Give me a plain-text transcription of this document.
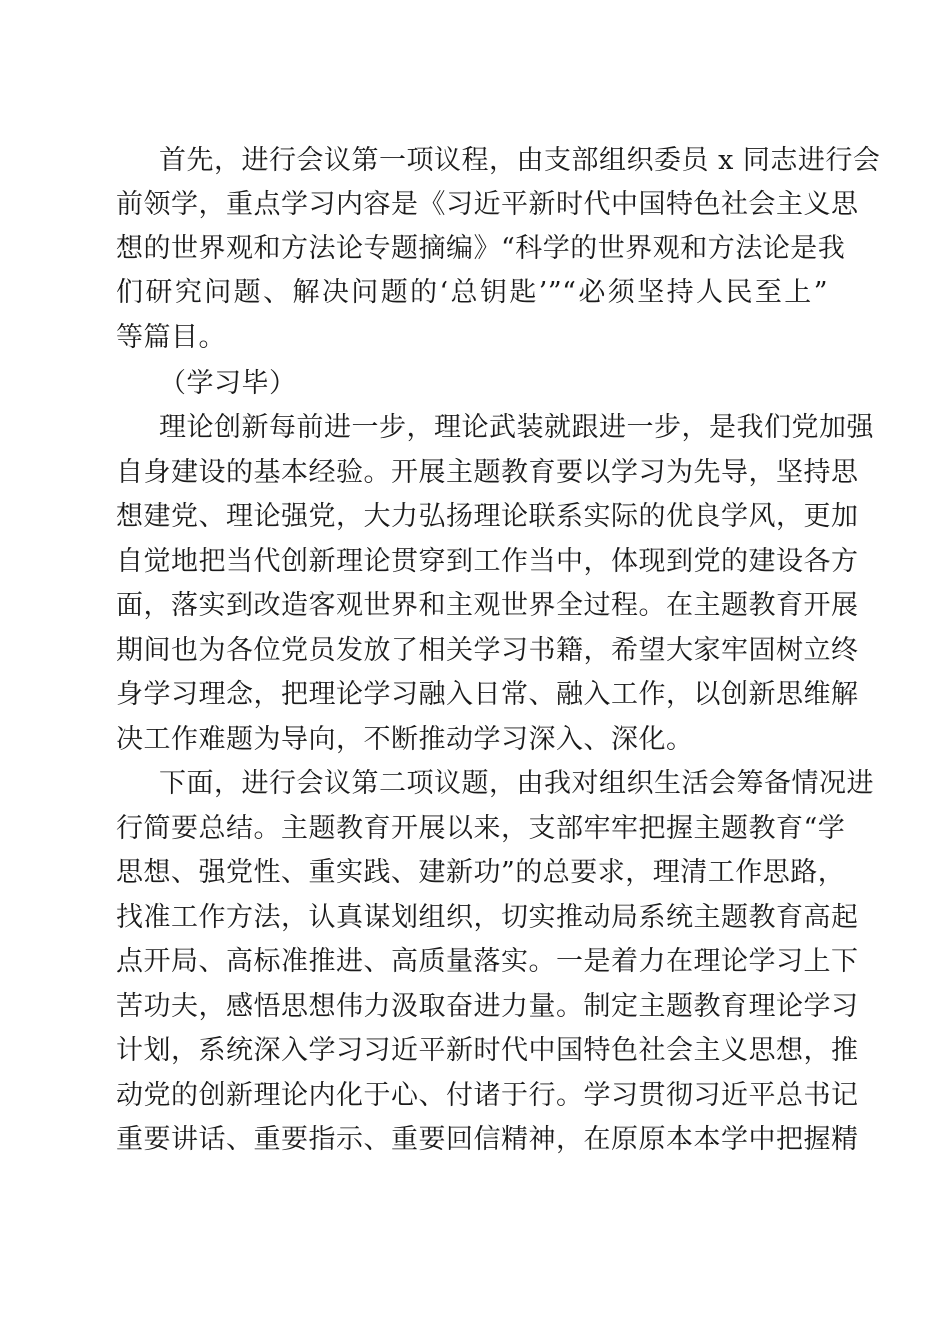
首先，进行会议第一项议程，由支部组织委员 x 同志进行会
前领学，重点学习内容是《习近平新时代中国特色社会主义思
想的世界观和方法论专题摘编》“科学的世界观和方法论是我
们研究问题、解决问题的‘总钥匙’”“必须坚持人民至上”
等篇目。
（学习毕）
理论创新每前进一步，理论武装就跟进一步，是我们党加强
自身建设的基本经验。开展主题教育要以学习为先导，坚持思
想建党、理论强党，大力弘扬理论联系实际的优良学风，更加
自觉地把当代创新理论贯穿到工作当中，体现到党的建设各方
面，落实到改造客观世界和主观世界全过程。在主题教育开展
期间也为各位党员发放了相关学习书籍，希望大家牢固树立终
身学习理念，把理论学习融入日常、融入工作，以创新思维解
决工作难题为导向，不断推动学习深入、深化。
下面，进行会议第二项议题，由我对组织生活会筹备情况进
行简要总结。主题教育开展以来，支部牢牢把握主题教育“学
思想、强党性、重实践、建新功”的总要求，理清工作思路，
找准工作方法，认真谋划组织，切实推动局系统主题教育高起
点开局、高标准推进、高质量落实。一是着力在理论学习上下
苦功夫，感悟思想伟力汲取奋进力量。制定主题教育理论学习
计划，系统深入学习习近平新时代中国特色社会主义思想，推
动党的创新理论内化于心、付诸于行。学习贯彻习近平总书记
重要讲话、重要指示、重要回信精神，在原原本本学中把握精
